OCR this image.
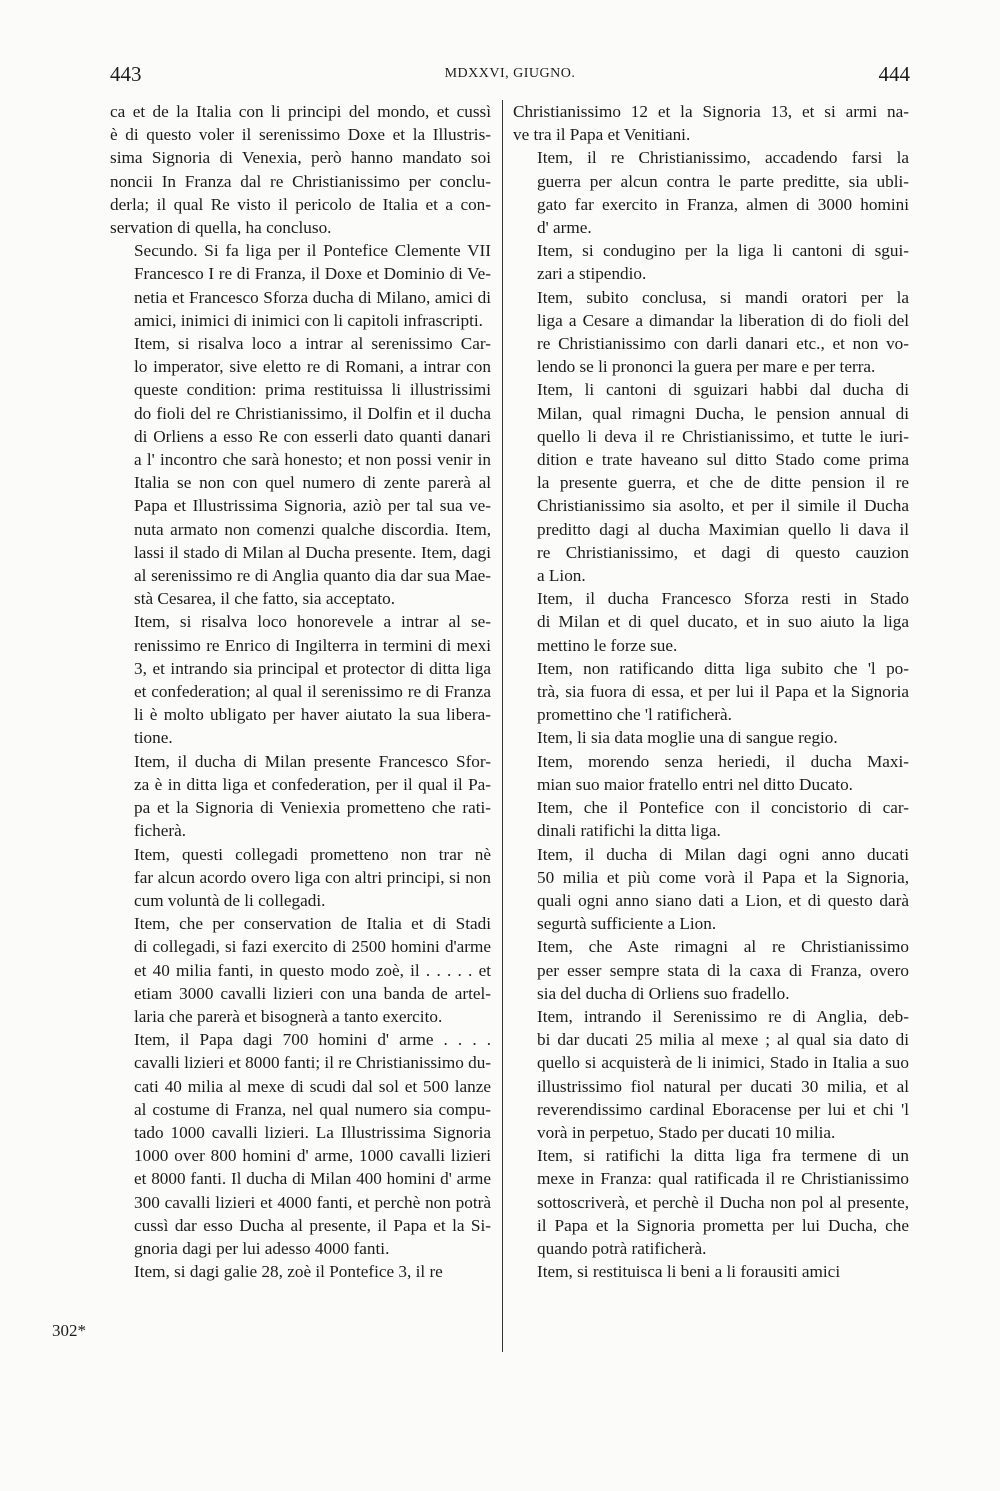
443	MDXXVI, GIUGNO.	444

ca et de la Italia con li principi del mondo, et cussì
è di questo voler il serenissimo Doxe et la Illustris-
sima Signoria di Venexia, però hanno mandato soi
noncii In Franza dal re Christianissimo per conclu-
derla; il qual Re visto il pericolo de Italia et a con-
servation di quella, ha concluso.

Secundo. Si fa liga per il Pontefice Clemente VII
Francesco I re di Franza, il Doxe et Dominio di Ve-
netia et Francesco Sforza ducha di Milano, amici di
amici, inimici di inimici con li capitoli infrascripti.

Item, si risalva loco a intrar al serenissimo Car-
lo imperator, sive eletto re di Romani, a intrar con
queste condition: prima restituissa li illustrissimi
do fioli del re Christianissimo, il Dolfin et il ducha
di Orliens a esso Re con esserli dato quanti danari
a l' incontro che sarà honesto; et non possi venir in
Italia se non con quel numero di zente parerà al
Papa et Illustrissima Signoria, aziò per tal sua ve-
nuta armato non comenzi qualche discordia. Item,
lassi il stado di Milan al Ducha presente. Item, dagi
al serenissimo re di Anglia quanto dia dar sua Mae-
stà Cesarea, il che fatto, sia acceptato.

Item, si risalva loco honorevele a intrar al se-
renissimo re Enrico di Ingilterra in termini di mexi
3, et intrando sia principal et protector di ditta liga
et confederation; al qual il serenissimo re di Franza
li è molto ubligato per haver aiutato la sua libera-
tione.

Item, il ducha di Milan presente Francesco Sfor-
za è in ditta liga et confederation, per il qual il Pa-
pa et la Signoria di Veniexia prometteno che rati-
ficherà.

Item, questi collegadi prometteno non trar nè
far alcun acordo overo liga con altri principi, si non
cum voluntà de li collegadi.

Item, che per conservation de Italia et di Stadi
di collegadi, si fazi exercito di 2500 homini d'arme
et 40 milia fanti, in questo modo zoè, il . . . . . et
etiam 3000 cavalli lizieri con una banda de artel-
laria che parerà et bisognerà a tanto exercito.

Item, il Papa dagi 700 homini d' arme . . . .
cavalli lizieri et 8000 fanti; il re Christianissimo du-
cati 40 milia al mexe di scudi dal sol et 500 lanze
al costume di Franza, nel qual numero sia compu-
tado 1000 cavalli lizieri. La Illustrissima Signoria
1000 over 800 homini d' arme, 1000 cavalli lizieri
et 8000 fanti. Il ducha di Milan 400 homini d' arme
300 cavalli lizieri et 4000 fanti, et perchè non potrà
cussì dar esso Ducha al presente, il Papa et la Si-
gnoria dagi per lui adesso 4000 fanti.

Item, si dagi galie 28, zoè il Pontefice 3, il re

Christianissimo 12 et la Signoria 13, et si armi na-
ve tra il Papa et Venitiani.

Item, il re Christianissimo, accadendo farsi la
guerra per alcun contra le parte preditte, sia ubli-
gato far exercito in Franza, almen di 3000 homini
d' arme.

Item, si condugino per la liga li cantoni di sgui-
zari a stipendio.

Item, subito conclusa, si mandi oratori per la
liga a Cesare a dimandar la liberation di do fioli del
re Christianissimo con darli danari etc., et non vo-
lendo se li prononci la guera per mare e per terra.

Item, li cantoni di sguizari habbi dal ducha di
Milan, qual rimagni Ducha, le pension annual di
quello li deva il re Christianissimo, et tutte le iuri-
dition e trate haveano sul ditto Stado come prima
la presente guerra, et che de ditte pension il re
Christianissimo sia asolto, et per il simile il Ducha
preditto dagi al ducha Maximian quello li dava il
re Christianissimo, et dagi di questo cauzion
a Lion.

Item, il ducha Francesco Sforza resti in Stado
di Milan et di quel ducato, et in suo aiuto la liga
mettino le forze sue.

Item, non ratificando ditta liga subito che 'l po-
trà, sia fuora di essa, et per lui il Papa et la Signoria
promettino che 'l ratificherà.

Item, li sia data moglie una di sangue regio.

Item, morendo senza heriedi, il ducha Maxi-
mian suo maior fratello entri nel ditto Ducato.

Item, che il Pontefice con il concistorio di car-
dinali ratifichi la ditta liga.

Item, il ducha di Milan dagi ogni anno ducati
50 milia et più come vorà il Papa et la Signoria,
quali ogni anno siano dati a Lion, et di questo darà
segurtà sufficiente a Lion.

Item, che Aste rimagni al re Christianissimo
per esser sempre stata di la caxa di Franza, overo
sia del ducha di Orliens suo fradello.

Item, intrando il Serenissimo re di Anglia, deb-
bi dar ducati 25 milia al mexe ; al qual sia dato di
quello si acquisterà de li inimici, Stado in Italia a suo
illustrissimo fiol natural per ducati 30 milia, et al
reverendissimo cardinal Eboracense per lui et chi 'l
vorà in perpetuo, Stado per ducati 10 milia.

Item, si ratifichi la ditta liga fra termene di un
mexe in Franza: qual ratificada il re Christianissimo
sottoscriverà, et perchè il Ducha non pol al presente,
il Papa et la Signoria prometta per lui Ducha, che
quando potrà ratificherà.

Item, si restituisca li beni a li forausiti amici

302*
